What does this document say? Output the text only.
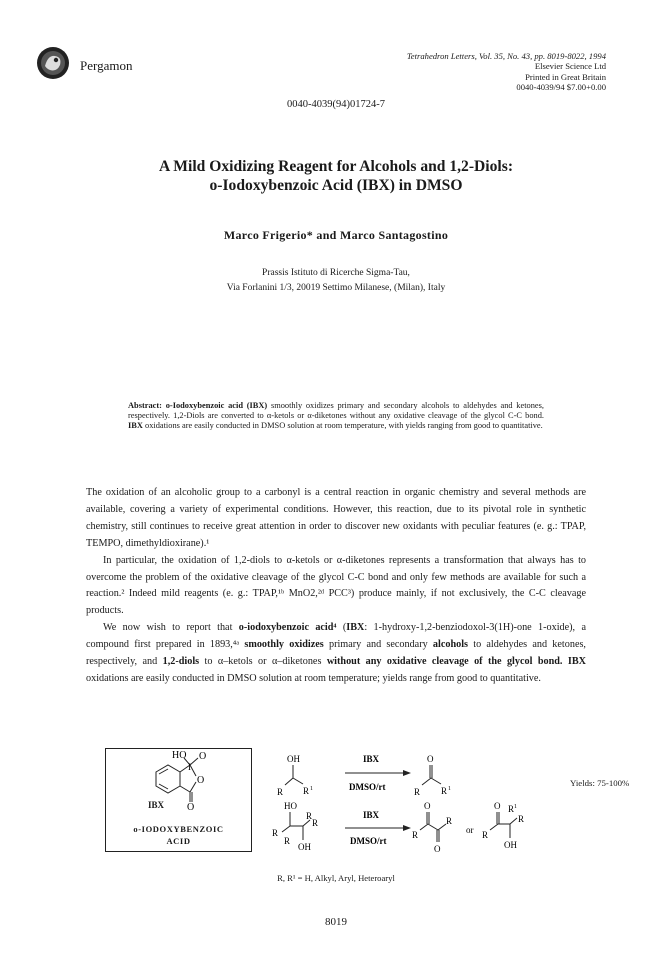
Pergamon
Tetrahedron Letters, Vol. 35, No. 43, pp. 8019-8022, 1994
Elsevier Science Ltd
Printed in Great Britain
0040-4039/94 $7.00+0.00
0040-4039(94)01724-7
A Mild Oxidizing Reagent for Alcohols and 1,2-Diols:
o-Iodoxybenzoic Acid (IBX) in DMSO
Marco Frigerio* and Marco Santagostino
Prassis Istituto di Ricerche Sigma-Tau,
Via Forlanini 1/3, 20019 Settimo Milanese, (Milan), Italy
Abstract: o-Iodoxybenzoic acid (IBX) smoothly oxidizes primary and secondary alcohols to aldehydes and ketones, respectively. 1,2-Diols are converted to α-ketols or α-diketones without any oxidative cleavage of the glycol C-C bond. IBX oxidations are easily conducted in DMSO solution at room temperature, with yields ranging from good to quantitative.

The oxidation of an alcoholic group to a carbonyl is a central reaction in organic chemistry and several methods are available, covering a variety of experimental conditions. However, this reaction, due to its pivotal role in synthetic chemistry, still continues to receive great attention in order to discover new oxidants with peculiar features (e. g.: TPAP, TEMPO, dimethyldioxirane).¹

In particular, the oxidation of 1,2-diols to α-ketols or α-diketones represents a transformation that always has to overcome the problem of the oxidative cleavage of the glycol C-C bond and only few methods are available for such a reaction.² Indeed mild reagents (e. g.: TPAP,¹ᵇ MnO2,²ᵈ PCC³) produce mainly, if not exclusively, the C-C cleavage products.

We now wish to report that o-iodoxybenzoic acid⁴ (IBX: 1-hydroxy-1,2-benziodoxol-3(1H)-one 1-oxide), a compound first prepared in 1893,⁴ᵃ smoothly oxidizes primary and secondary alcohols to aldehydes and ketones, respectively, and 1,2-diols to α–ketols or α–diketones without any oxidative cleavage of the glycol bond. IBX oxidations are easily conducted in DMSO solution at room temperature; yields range from good to quantitative.

HO O
I
O
O
IBX
o-IODOXYBENZOIC
ACID
OH
R R 1
IBX
DMSO/rt
O
R R 1
Yields: 75-100%
HO
R
R
R
R
OH
IBX
DMSO/rt
O
R
R
O
or
O
R
R 1
R
OH
R, R¹ = H, Alkyl, Aryl, Heteroaryl
8019
